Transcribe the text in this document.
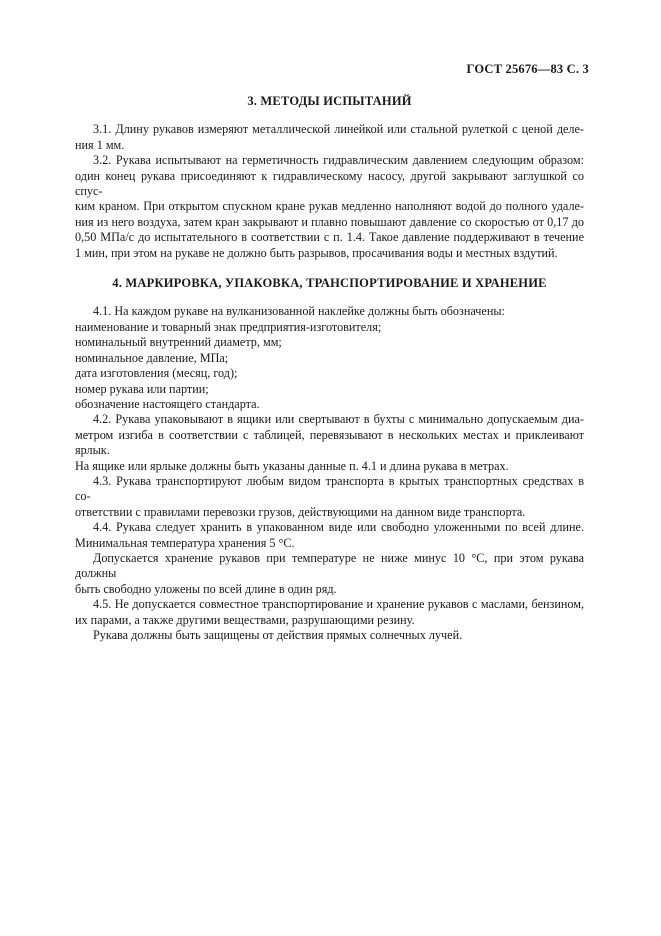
ГОСТ 25676—83 С. 3
3. МЕТОДЫ ИСПЫТАНИЙ
3.1. Длину рукавов измеряют металлической линейкой или стальной рулеткой с ценой деле-
ния 1 мм.
3.2. Рукава испытывают на герметичность гидравлическим давлением следующим образом:
один конец рукава присоединяют к гидравлическому насосу, другой закрывают заглушкой со спус-
ким краном. При открытом спускном кране рукав медленно наполняют водой до полного удале-
ния из него воздуха, затем кран закрывают и плавно повышают давление со скоростью от 0,17 до
0,50 МПа/с до испытательного в соответствии с п. 1.4. Такое давление поддерживают в течение
1 мин, при этом на рукаве не должно быть разрывов, просачивания воды и местных вздутий.
4. МАРКИРОВКА, УПАКОВКА, ТРАНСПОРТИРОВАНИЕ И ХРАНЕНИЕ
4.1. На каждом рукаве на вулканизованной наклейке должны быть обозначены:
наименование и товарный знак предприятия-изготовителя;
номинальный внутренний диаметр, мм;
номинальное давление, МПа;
дата изготовления (месяц, год);
номер рукава или партии;
обозначение настоящего стандарта.
4.2. Рукава упаковывают в ящики или свертывают в бухты с минимально допускаемым диа-
метром изгиба в соответствии с таблицей, перевязывают в нескольких местах и приклеивают ярлык.
На ящике или ярлыке должны быть указаны данные п. 4.1 и длина рукава в метрах.
4.3. Рукава транспортируют любым видом транспорта в крытых транспортных средствах в со-
ответствии с правилами перевозки грузов, действующими на данном виде транспорта.
4.4. Рукава следует хранить в упакованном виде или свободно уложенными по всей длине.
Минимальная температура хранения 5 °С.
Допускается хранение рукавов при температуре не ниже минус 10 °С, при этом рукава должны
быть свободно уложены по всей длине в один ряд.
4.5. Не допускается совместное транспортирование и хранение рукавов с маслами, бензином,
их парами, а также другими веществами, разрушающими резину.
Рукава должны быть защищены от действия прямых солнечных лучей.
